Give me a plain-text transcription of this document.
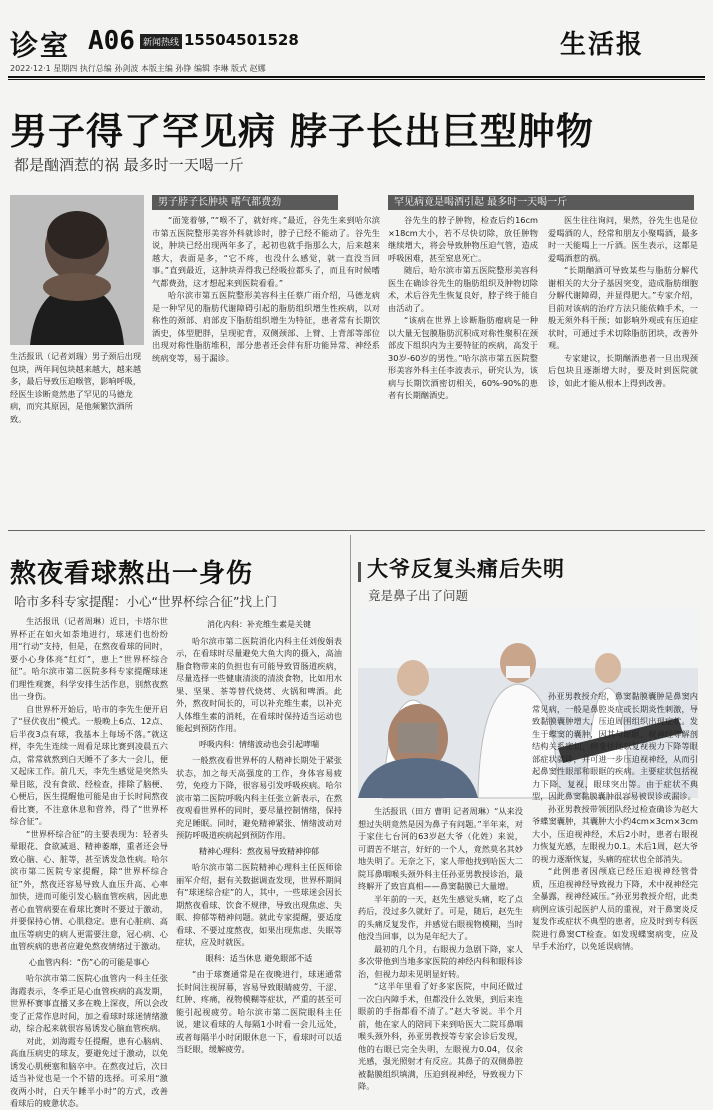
诊室 A06 新闻热线 15504501528	生活报
2022·12·1 星期四 执行总编 孙剑波 本版主编 孙铮 编辑 李琳 版式 赵娜
男子得了罕见病 脖子长出巨型肿物
都是酗酒惹的祸 最多时一天喝一斤
生活报讯（记者刘瑞）男子颈后出现包块，两年间包块越来越大，越来越多，最后导致压迫喉管，影响呼吸，经医生诊断竟然患了罕见的马德龙病，而究其原因，是他频繁饮酒所致。
男子脖子长肿块 嗜气都费劲	罕见病竟是喝酒引起 最多时一天喝一斤

“面笼着够，”“喉不了，就好疼。”最近，谷先生来到哈尔滨市第五医院整形美容外科就诊时，脖子已经不能动了。谷先生说，肿块已经出现两年多了，起初也就手指那么大，后来越来越大，表面是多，“它不疼，也没什么感觉，就一直没当回事。”直到最近，这肿块弄得我已经吸拉都头了，而且有时候嗜气都费劲，这才想起来到医院看看。”

哈尔滨市第五医院整形美容科主任蔡广雨介绍，马德龙病是一种罕见的脂肪代谢障碍引起的脂肪组织增生性疾病，以对称性的颈部、肩部皮下脂肪组织增生为特征，患者常有长期饮酒史，体型肥胖，呈现驼背，双侧颈部、上臂、上背部等部位出现对称性脂肪堆积，部分患者还会伴有肝功能异常、神经系统病变等，易于漏诊。

谷先生的脖子肿物，检查后约16cm×18cm大小，若不尽快切除，放任肿物继续增大，将会导致肿物压迫气管，造成呼吸困难，甚至窒息死亡。

随后，哈尔滨市第五医院整形美容科医生在确诊谷先生的脂肪组织及肿物切除术，术后谷先生恢复良好，脖子终于能自由活动了。

“该病在世界上诊断脂肪瘤病是一种以大量无包膜脂肪沉积成对称性聚积在颈部皮下组织内为主要特征的疾病，高发于30岁-60岁的男性。”哈尔滨市第五医院整形美容外科主任李波表示，研究认为，该病与长期饮酒密切相关，60%-90%的患者有长期酗酒史。

医生往往询问，果然，谷先生也是位爱喝酒的人，经常和朋友小聚喝酒，最多时一天能喝上一斤酒。医生表示，这都是爱喝酒惹的祸。

“长期酗酒可导致某些与脂肪分解代谢相关的大分子基因突变，造成脂肪细胞分解代谢障碍，并显得肥大。”专家介绍，目前对该病的治疗方法只能依赖手术，一般无须外科干预；如影响外观或有压迫症状时，可通过手术切除脂肪团块，改善外观。

专家建议，长期酗酒患者一旦出现颈后包块且逐渐增大时，要及时到医院就诊，如此才能从根本上得到改善。

熬夜看球熬出一身伤
哈市多科专家提醒：小心“世界杯综合征”找上门

生活报讯（记者周琳）近日，卡塔尔世界杯正在如火如荼地进行，球迷们也纷纷用“行动”支持，但是，在熬夜看球的同时，要小心身体亮“红灯”，患上“世界杯综合征”。哈尔滨市第二医院多科专家提醒球迷们理性观赛，科学安排生活作息，别熬夜熬出一身伤。

自世界杯开始后，哈市的李先生便开启了“昼伏夜出”模式。一般晚上6点、12点、后半夜3点有球，我基本上每场不落。”就这样，李先生连续一周看足球比赛到凌晨五六点，常常就熬到白天睡不了多大一会儿，便又起床工作。前几天，李先生感觉是突然头晕目眩，没有食欲、经检查，排除了脑梗、心梗后，医生提醒他可能是由于长时间熬夜看比赛，不注意休息和营养，得了“世界杯综合征”。

“世界杯综合征”的主要表现为：轻者头晕眼花、食欲减退、精神萎靡，重者还会导致心脑、心、脏等，甚至诱发急性病。哈尔滨市第二医院专家提醒，除“世界杯综合征”外，熬夜还容易导致人血压升高、心率加快，进而可能引发心脑血管疾病，因此患者心血管病要在看球比赛时不要过于激动，并要保持心情、心肌稳定。患有心脏病、高血压等病史的病人更需要注意，冠心病、心血管疾病的患者应避免熬夜情绪过于激动。

心血管内科：“伤”心的可能是事心

哈尔滨市第二医院心血管内一科主任张海霞表示，冬季正是心血管疾病的高发期，世界杯赛事直播又多在晚上深夜，所以会改变了正常作息时间，加之看球时球迷情绪激动，综合起来就很容易诱发心脑血管疾病。

对此，刘海霞专任提醒，患有心脑病、高血压病史的球友，要避免过于激动，以免诱发心肌梗塞和脑卒中。在熬夜过后，次日适当补觉也是一个不错的选择。可采用“激夜两小时，白天午睡半小时”的方式，改善看球后的疲惫状态。

消化内科：补充维生素是关键

哈尔滨市第二医院消化内科主任刘俊娟表示，在看球时尽量避免大鱼大肉的摄入，高油脂食物带来的负担也有可能导致胃肠道疾病，尽量选择一些健康清淡的清淡食物，比如用水果、坚果、茶等替代烧烤、火锅和啤酒。此外，熬夜时间长的，可以补充维生素，以补充人体维生素的消耗，在看球时保持适当运动也能起到预防作用。

呼吸内科：情绪波动也会引起哮喘

一般熬夜看世界杯的人精神长期处于紧张状态，加之每天高强度的工作，身体容易疲劳，免疫力下降，很容易引发呼吸疾病。哈尔滨市第二医院呼吸内科主任张立新表示，在熬夜观看世界杯的同时，要尽量控制情绪，保持充足睡眠。同时，避免精神紧张、情绪波动对预防呼吸道疾病起到预防作用。

精神心理科：熬夜易导致精神抑郁

哈尔滨市第二医院精神心理科主任医师徐丽军介绍，据有关数据调查发现，世界杯期间有“球迷综合症”的人，其中，一些球迷会因长期熬夜看球、饮食不规律，导致出现焦虑、失眠、抑郁等精神问题。就此专家提醒，要适度看球、不要过度熬夜，如果出现焦虑、失眠等症状，应及时就医。

眼科：适当休息 避免眼部不适

“由于球赛通常是在夜晚进行，球迷通常长时间注视屏幕，容易导致眼睛疲劳、干涩、红肿、疼痛，视物模糊等症状，严重的甚至可能引起视疲劳。哈尔滨市第二医院眼科主任说，建议看球的人每隔1小时看一会儿远处，或者每隔半小时闭眼休息一下，看球时可以适当眨眼，缓解疲劳。

大爷反复头痛后失明
竟是鼻子出了问题

生活报讯（田方 曹明 记者周琳）“从来没想过失明竟然是因为鼻子有问题。”半年来，对于家住七台河的63岁赵大爷（化姓）来说，可谓苦不堪言，好好的一个人，竟然莫名其妙地失明了。无奈之下，家人带他找到哈医大二院耳鼻咽喉头颈外科主任孙亚男教授诊治，最终解开了致盲真相——鼻窦黏膜已大量增。

半年前的一天，赵先生感觉头痛，吃了点药后，没过多久就好了。可是，随后，赵先生的头痛反复发作，并感觉右眼视物模糊，当时他没当回事，以为是年纪大了。

最初的几个月，右眼视力急剧下降，家人多次带他到当地多家医院的神经内科和眼科诊治，但视力却未见明显好转。

“这半年里看了好多家医院，中间还做过一次白内障手术，但都没什么效果，到后来连眼前的手指都看不清了。”赵大爷说。半个月前，他在家人的陪同下来到哈医大二院耳鼻咽喉头颈外科，孙亚男教授等专家会诊后发现，他的右眼已完全失明，左眼视力0.04，仅余光感，强光照射才有反应。其鼻子的双侧鼻腔被黏膜组织填满，压迫到视神经，导致视力下降。

孙亚男教授介绍，鼻窦黏膜囊肿是鼻窦内常见病，一般是鼻腔炎症或长期炎性刺激，导致黏膜囊肿增大，压迫周围组织出现症状。发生于蝶窦的囊肿，因其与眼眶、视神经等解剖结构关系密切，病变往往以复视视力下降等眼部症状就诊，并可进一步压迫视神经，从而引起鼻窦性眼部和眼眶的疾病。主要症状包括视力下降、复视、眼球突出等。由于症状不典型，因此鼻窦黏膜囊肿很容易被误诊或漏诊。

孙亚男教授带领团队经过检查确诊为赵大爷蝶窦囊肿，其囊肿大小约4cm×3cm×3cm大小，压迫视神经，术后2小时，患者右眼视力恢复光感，左眼视力0.1。术后1周，赵大爷的视力逐渐恢复，头痛的症状也全部消失。

“此例患者因颅底已经压迫视神经管骨质，压迫视神经导致视力下降，术中视神经完全暴露，视神经减压。”孙亚男教授介绍，此类病例应该引起医护人员的重视，对于鼻窦炎反复发作或症状不典型的患者，应及时到专科医院进行鼻窦CT检查。如发现蝶窦病变，应及早手术治疗，以免延误病情。
